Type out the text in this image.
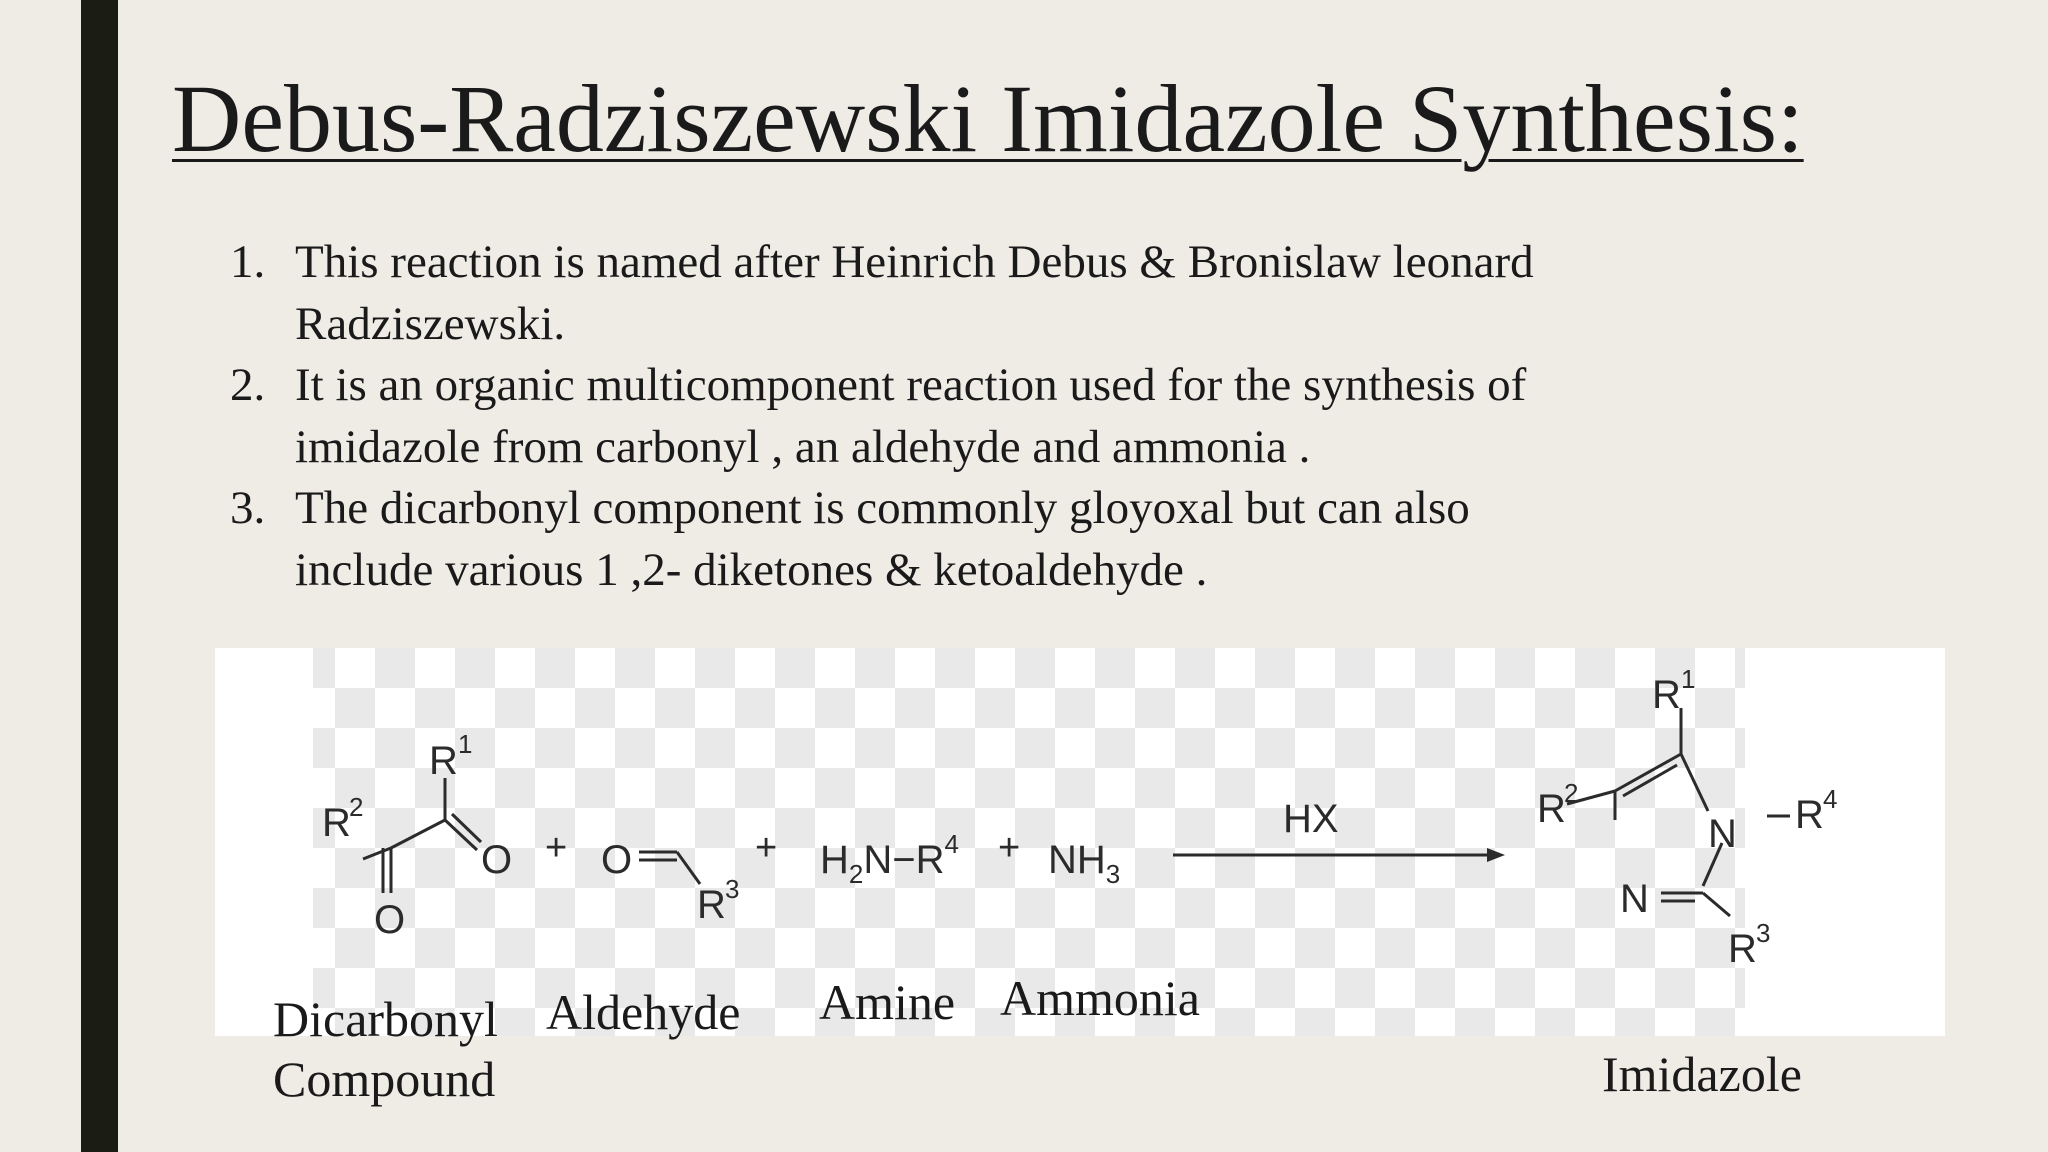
Debus-Radziszewski Imidazole Synthesis:
1. This reaction is named after Heinrich Debus & Bronislaw leonard
Radziszewski.
2. It is an organic multicomponent reaction used for the synthesis of
imidazole from carbonyl , an aldehyde and ammonia .
3. The dicarbonyl component is commonly gloyoxal but can also
include various 1 ,2- diketones & ketoaldehyde .
R
2
R 1
O
O
+ O
R 3
+ $H_2N-R^4 + NH_3$
HX
R 1
R
2
N R 4
N
R 3
Dicarbonyl
Compound
Aldehyde Amine Ammonia
Imidazole
